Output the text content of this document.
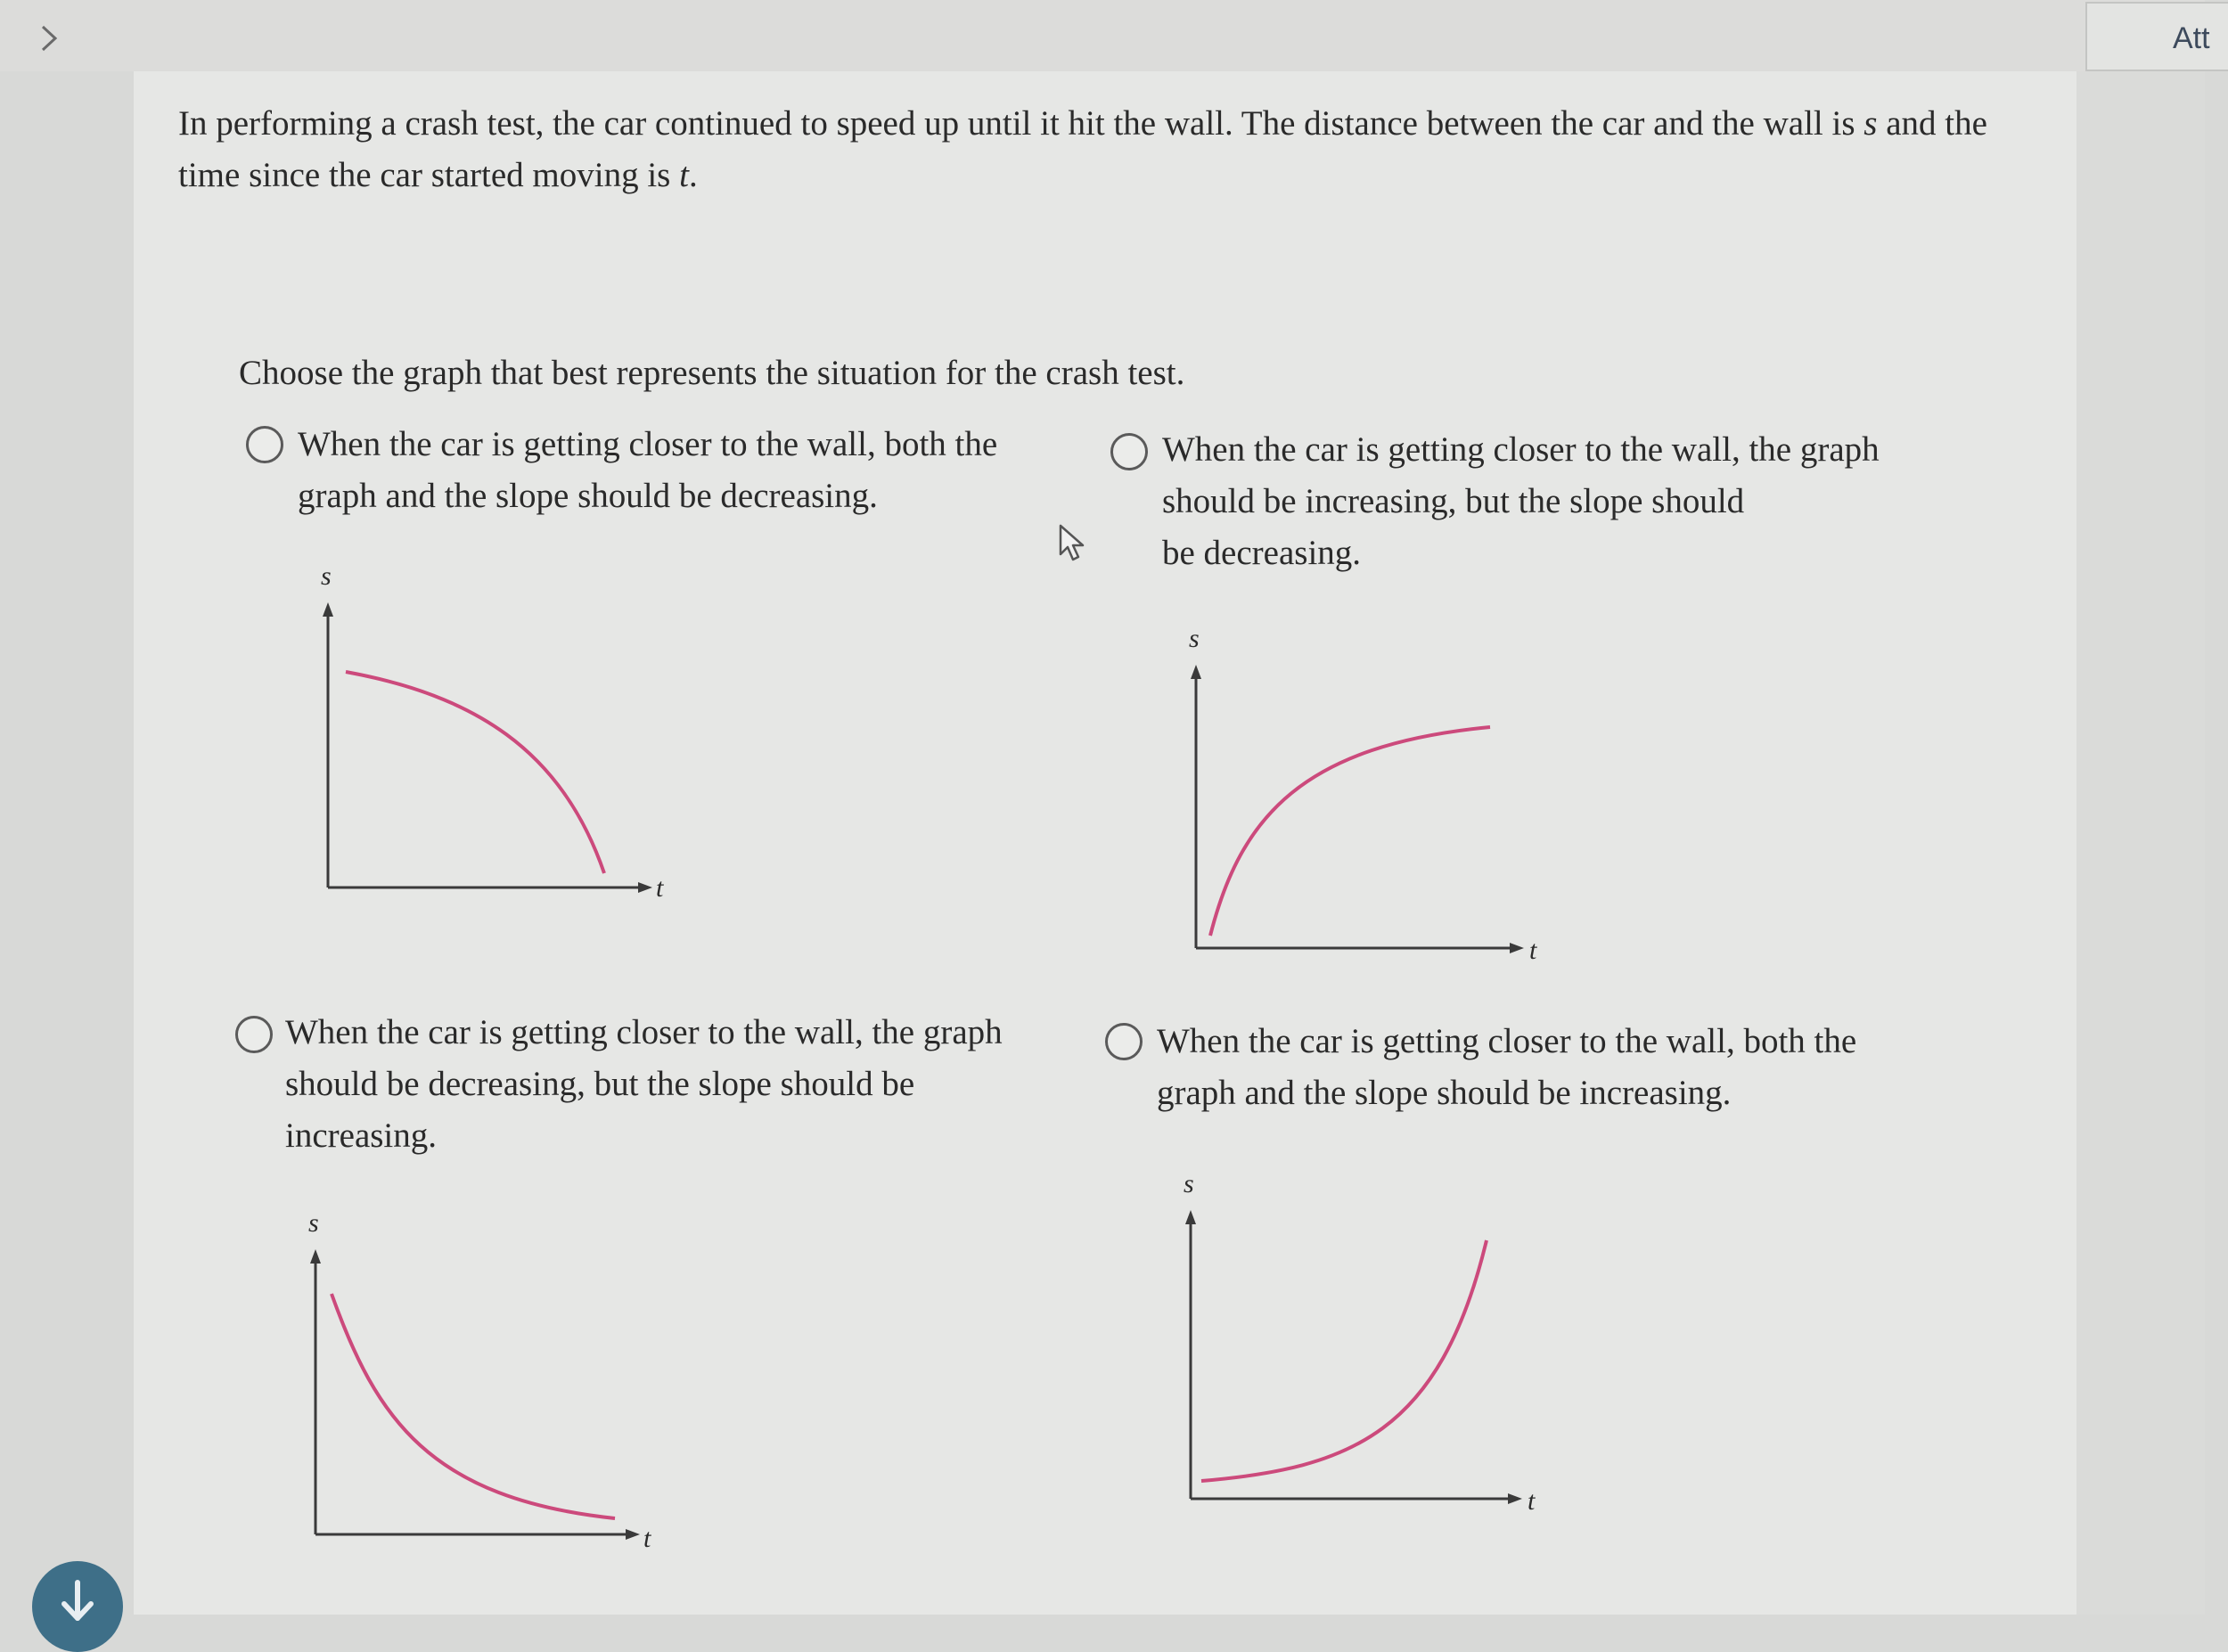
Att
In performing a crash test, the car continued to speed up until it hit the wall. The distance between the car and the wall is s and the time since the car started moving is t.
Choose the graph that best represents the situation for the crash test.
When the car is getting closer to the wall, both the
graph and the slope should be decreasing.
s
t
When the car is getting closer to the wall, the graph
should be increasing, but the slope should
be decreasing.
s
t
When the car is getting closer to the wall, the graph
should be decreasing, but the slope should be
increasing.
s
t
When the car is getting closer to the wall, both the
graph and the slope should be increasing.
s
t
